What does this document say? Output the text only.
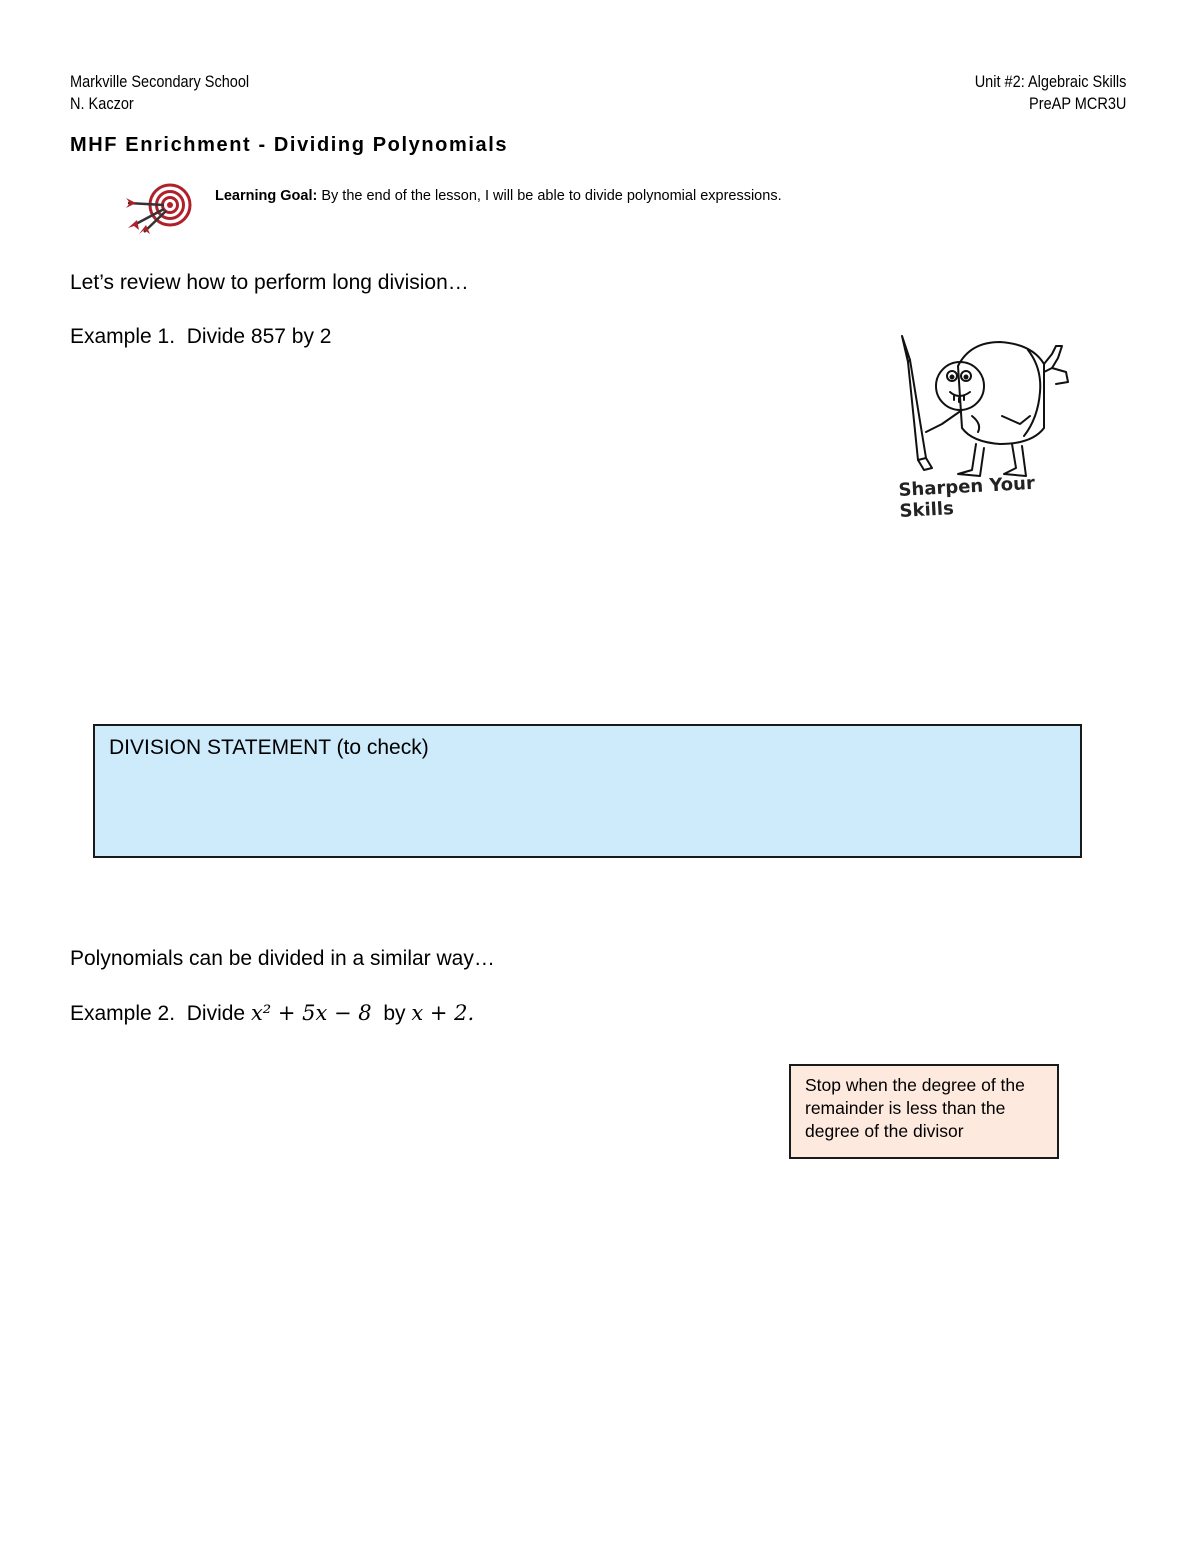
Markville Secondary School
N. Kaczor
Unit #2: Algebraic Skills
PreAP MCR3U
MHF Enrichment - Dividing Polynomials
Learning Goal: By the end of the lesson, I will be able to divide polynomial expressions.
Let’s review how to perform long division…
Example 1. Divide 857 by 2
Sharpen Your Skills
DIVISION STATEMENT (to check)
Polynomials can be divided in a similar way…
Example 2. Divide x² + 5x − 8 by x + 2.
Stop when the degree of the remainder is less than the degree of the divisor
